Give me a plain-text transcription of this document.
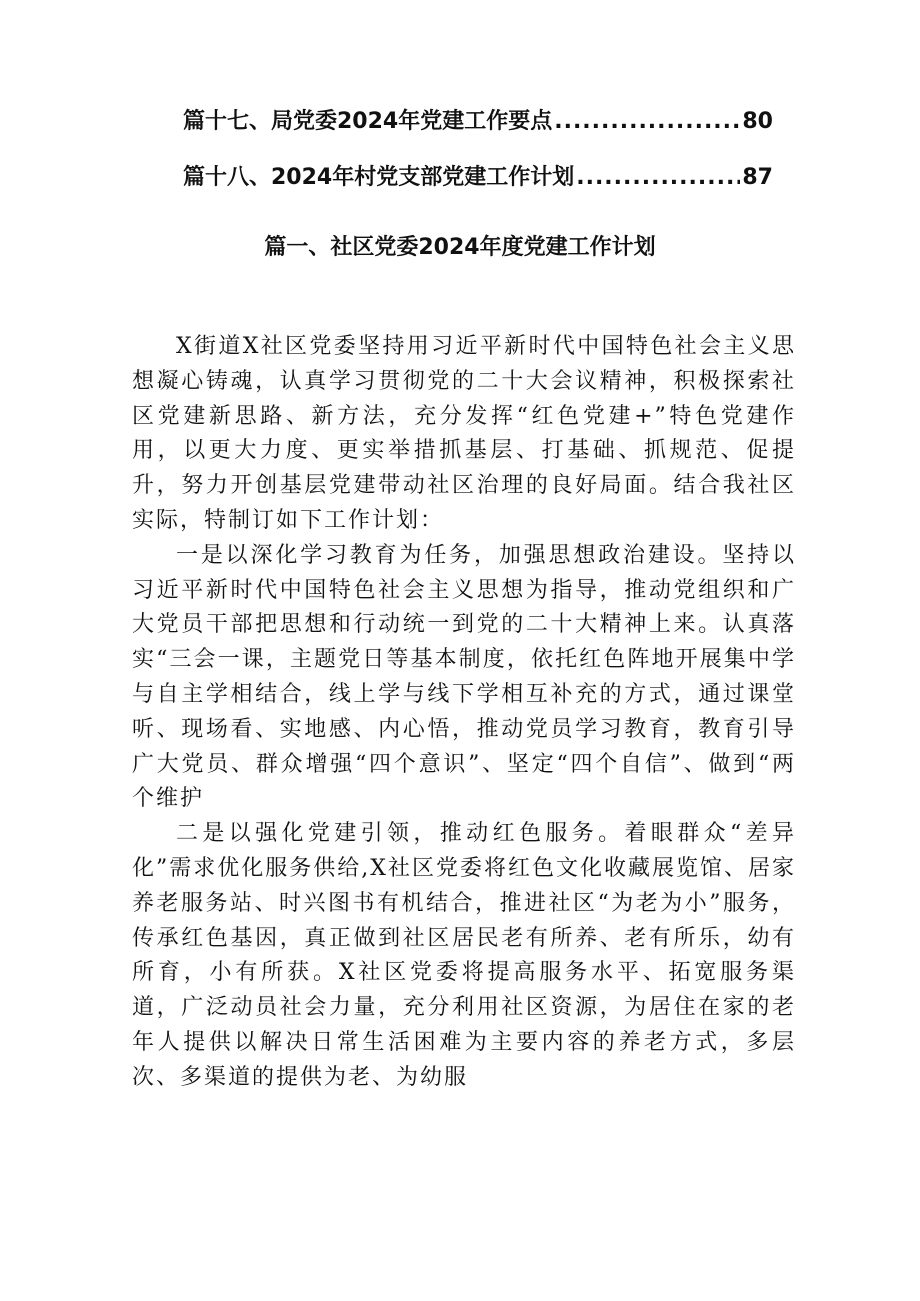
篇十七、局党委2024年党建工作要点 .....	80
篇十八、2024年村党支部党建工作计划 .....	87
篇一、社区党委2024年度党建工作计划

X街道X社区党委坚持用习近平新时代中国特色社会主义思想凝心铸魂，认真学习贯彻党的二十大会议精神，积极探索社区党建新思路、新方法，充分发挥“红色党建+”特色党建作用，以更大力度、更实举措抓基层、打基础、抓规范、促提升，努力开创基层党建带动社区治理的良好局面。结合我社区实际，特制订如下工作计划：

一是以深化学习教育为任务，加强思想政治建设。坚持以习近平新时代中国特色社会主义思想为指导，推动党组织和广大党员干部把思想和行动统一到党的二十大精神上来。认真落实“三会一课，主题党日等基本制度，依托红色阵地开展集中学与自主学相结合，线上学与线下学相互补充的方式，通过课堂听、现场看、实地感、内心悟，推动党员学习教育，教育引导广大党员、群众增强“四个意识”、坚定“四个自信”、做到“两个维护

二是以强化党建引领，推动红色服务。着眼群众“差异化”需求优化服务供给,X社区党委将红色文化收藏展览馆、居家养老服务站、时兴图书有机结合，推进社区“为老为小”服务，传承红色基因，真正做到社区居民老有所养、老有所乐，幼有所育，小有所获。X社区党委将提高服务水平、拓宽服务渠道，广泛动员社会力量，充分利用社区资源，为居住在家的老年人提供以解决日常生活困难为主要内容的养老方式，多层次、多渠道的提供为老、为幼服
